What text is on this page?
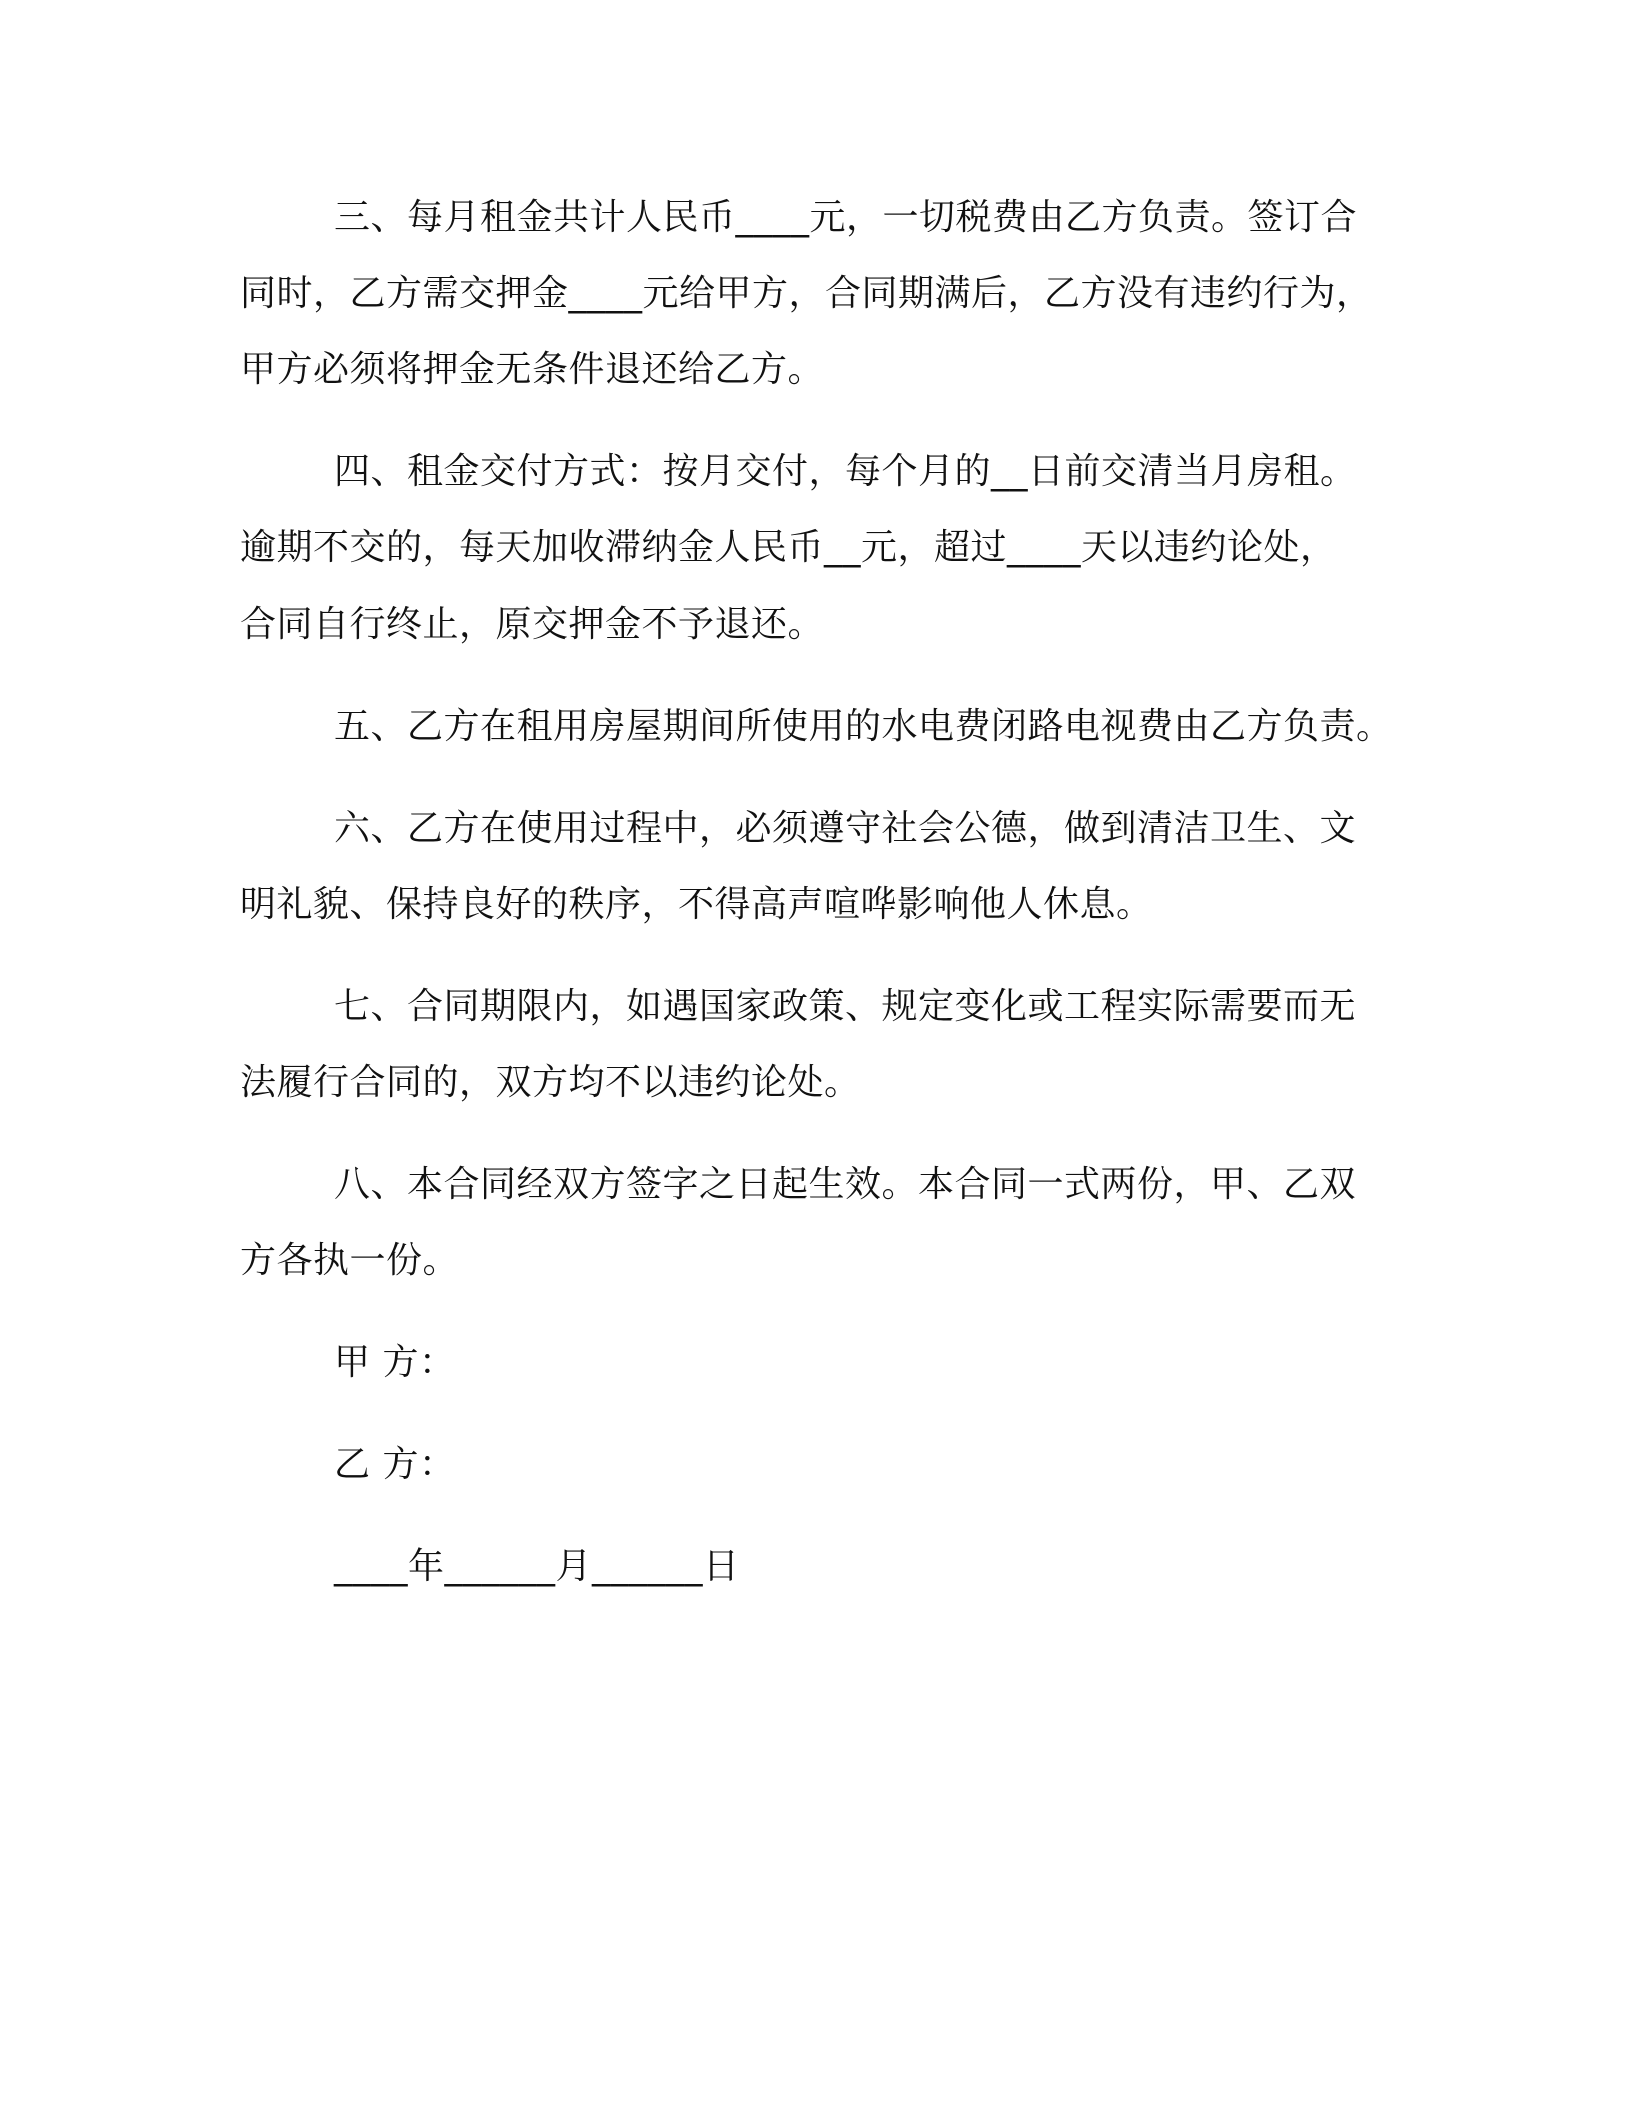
三、每月租金共计人民币____元，一切税费由乙方负责。签订合
同时，乙方需交押金____元给甲方，合同期满后，乙方没有违约行为，
甲方必须将押金无条件退还给乙方。
四、租金交付方式：按月交付，每个月的__日前交清当月房租。
逾期不交的，每天加收滞纳金人民币__元，超过____天以违约论处，
合同自行终止，原交押金不予退还。
五、乙方在租用房屋期间所使用的水电费闭路电视费由乙方负责。
六、乙方在使用过程中，必须遵守社会公德，做到清洁卫生、文
明礼貌、保持良好的秩序，不得高声喧哗影响他人休息。
七、合同期限内，如遇国家政策、规定变化或工程实际需要而无
法履行合同的，双方均不以违约论处。
八、本合同经双方签字之日起生效。本合同一式两份，甲、乙双
方各执一份。
甲 方：
乙 方：
____年______月______日
